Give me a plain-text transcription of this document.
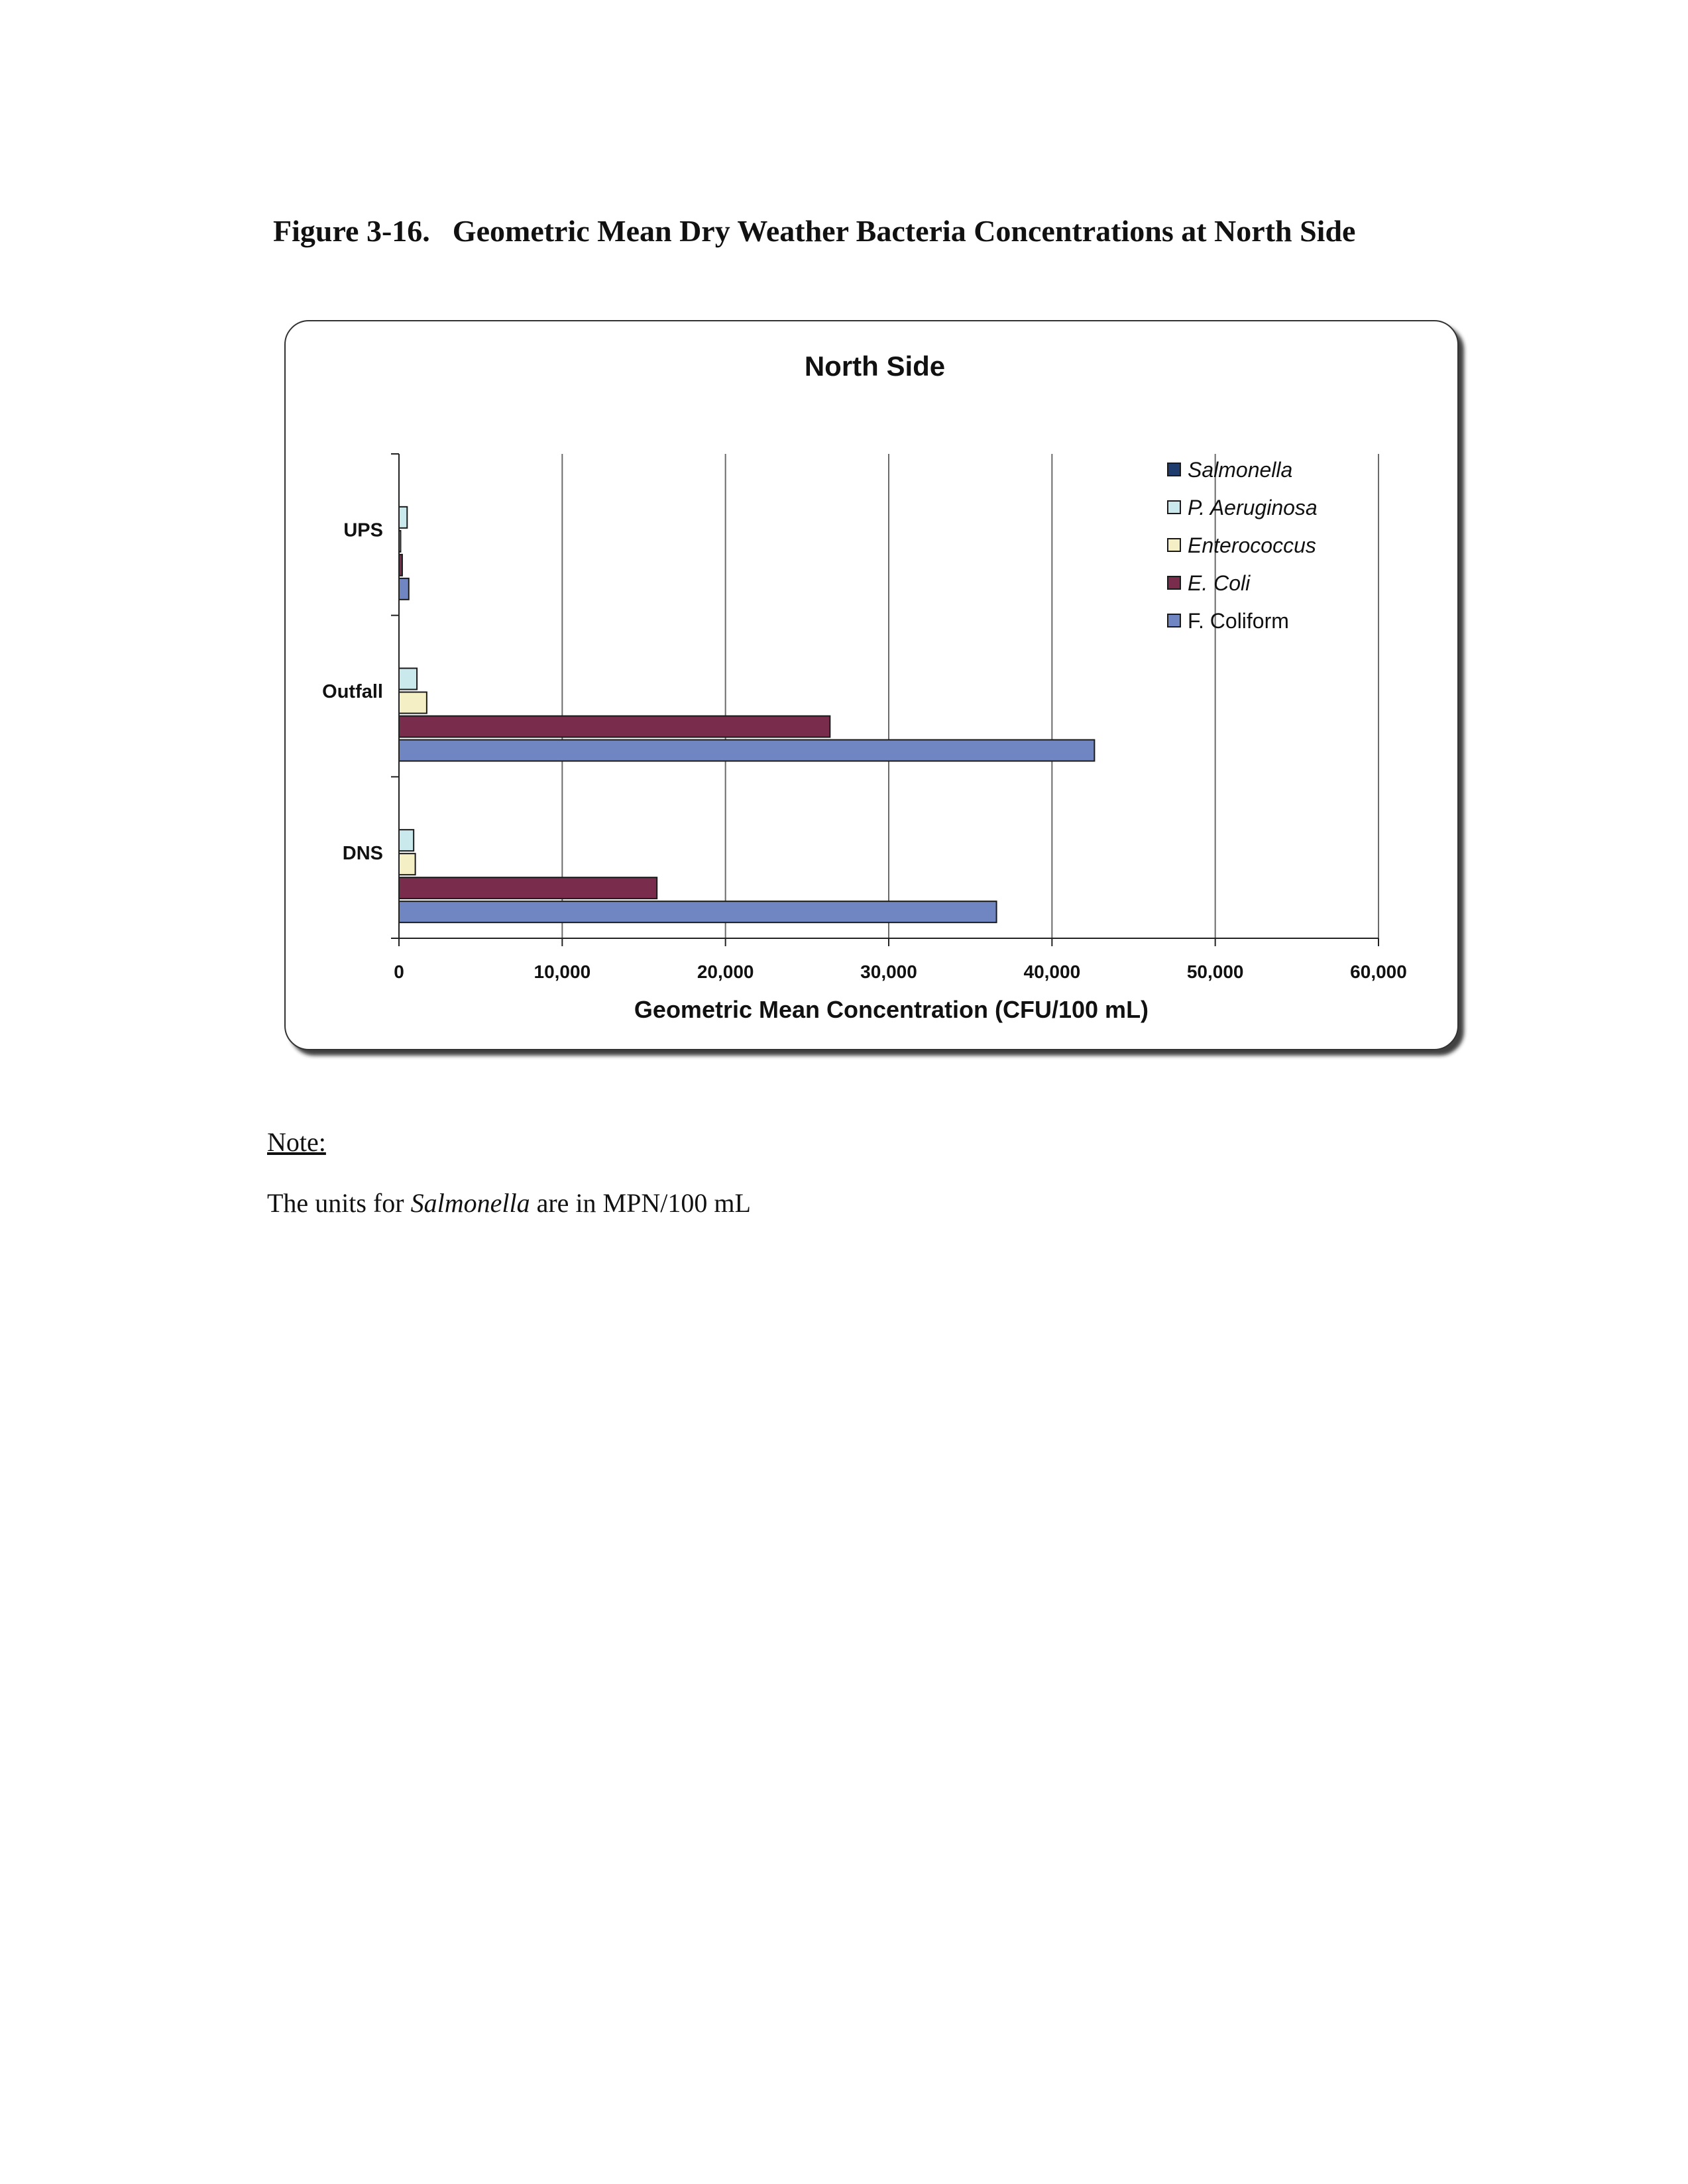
Figure 3-16. Geometric Mean Dry Weather Bacteria Concentrations at North Side
North Side
0	10,000	20,000	30,000	40,000	50,000	60,000
UPS
Outfall
DNS
Geometric Mean Concentration (CFU/100 mL)
Salmonella
P. Aeruginosa
Enterococcus
E. Coli
F. Coliform
Note:
The units for Salmonella are in MPN/100 mL
